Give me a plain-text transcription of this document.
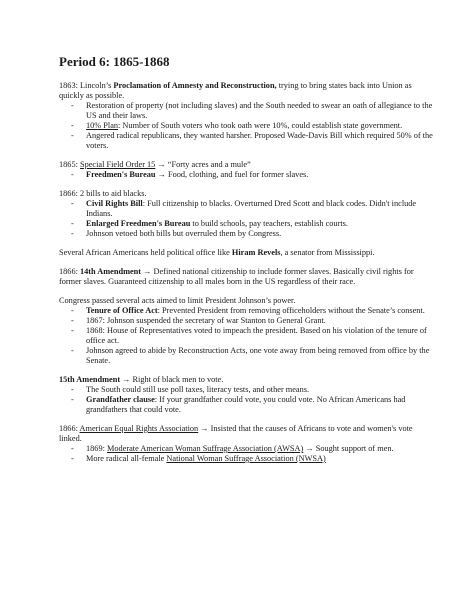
Period 6: 1865-1868
1863: Lincoln’s Proclamation of Amnesty and Reconstruction, trying to bring states back into Union as quickly as possible.
- Restoration of property (not including slaves) and the South needed to swear an oath of allegiance to the US and their laws.
- 10% Plan: Number of South voters who took oath were 10%, could establish state government.
- Angered radical republicans, they wanted harsher. Proposed Wade-Davis Bill which required 50% of the voters.
1865: Special Field Order 15 → “Forty acres and a mule”
- Freedmen's Bureau → Food, clothing, and fuel for former slaves.
1866: 2 bills to aid blacks.
- Civil Rights Bill: Full citizenship to blacks. Overturned Dred Scott and black codes. Didn't include Indians.
- Enlarged Freedmen's Bureau to build schools, pay teachers, establish courts.
- Johnson vetoed both bills but overruled them by Congress.
Several African Americans held political office like Hiram Revels, a senator from Mississippi.
1866: 14th Amendment → Defined national citizenship to include former slaves. Basically civil rights for former slaves. Guaranteed citizenship to all males born in the US regardless of their race.
Congress passed several acts aimed to limit President Johnson’s power.
- Tenure of Office Act: Prevented President from removing officeholders without the Senate’s consent.
- 1867: Johnson suspended the secretary of war Stanton to General Grant.
- 1868: House of Representatives voted to impeach the president. Based on his violation of the tenure of office act.
- Johnson agreed to abide by Reconstruction Acts, one vote away from being removed from office by the Senate.
15th Amendment → Right of black men to vote.
- The South could still use poll taxes, literacy tests, and other means.
- Grandfather clause: If your grandfather could vote, you could vote. No African Americans had grandfathers that could vote.
1866: American Equal Rights Association → Insisted that the causes of Africans to vote and women's vote linked.
- 1869: Moderate American Woman Suffrage Association (AWSA) → Sought support of men.
- More radical all-female National Woman Suffrage Association (NWSA)
